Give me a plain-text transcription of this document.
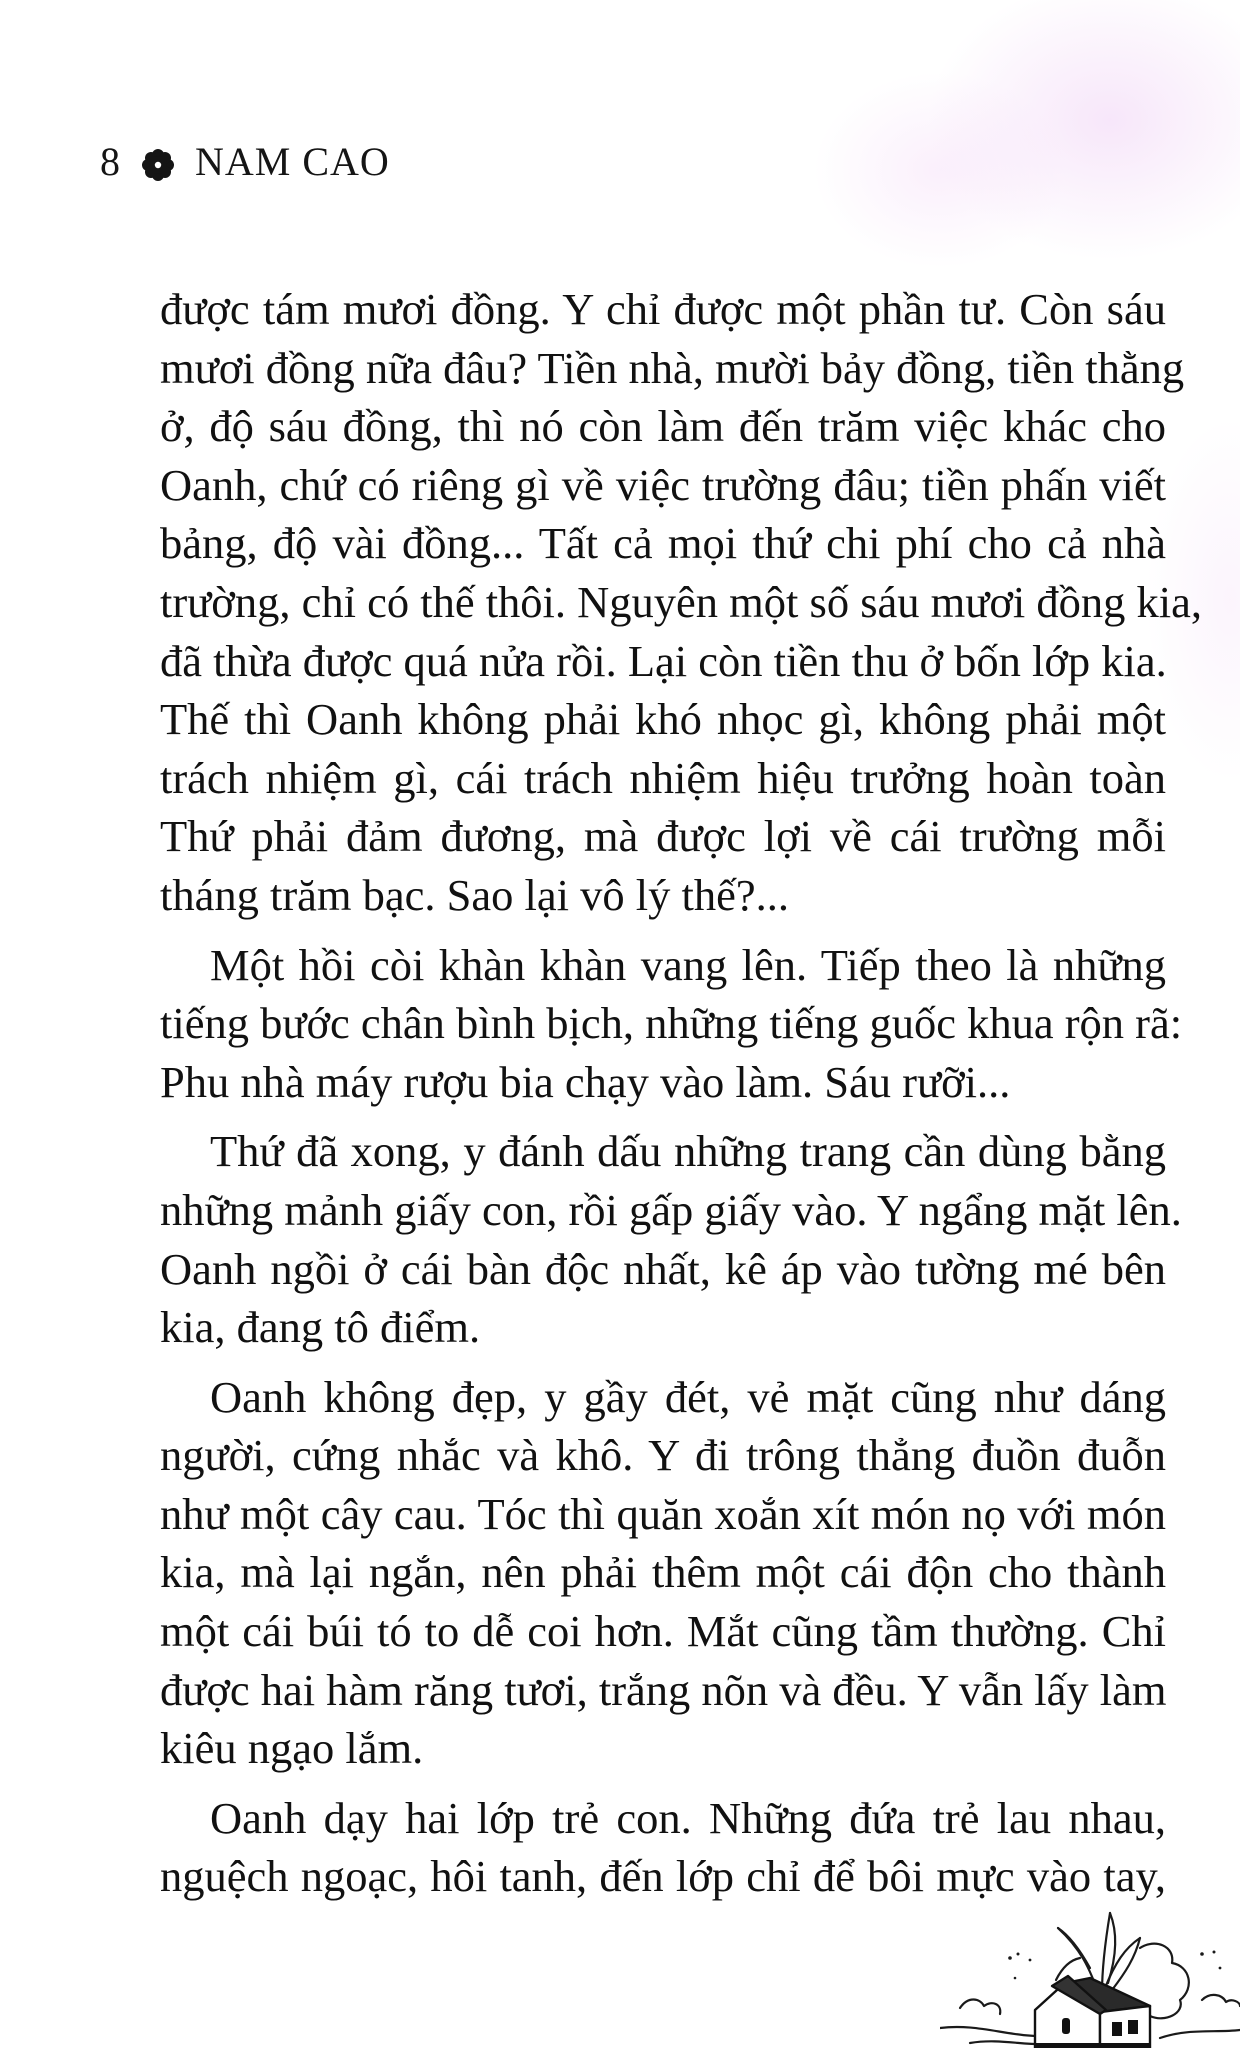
8 NAM CAO
được tám mươi đồng. Y chỉ được một phần tư. Còn sáu
mươi đồng nữa đâu? Tiền nhà, mười bảy đồng, tiền thằng
ở, độ sáu đồng, thì nó còn làm đến trăm việc khác cho
Oanh, chứ có riêng gì về việc trường đâu; tiền phấn viết
bảng, độ vài đồng... Tất cả mọi thứ chi phí cho cả nhà
trường, chỉ có thế thôi. Nguyên một số sáu mươi đồng kia,
đã thừa được quá nửa rồi. Lại còn tiền thu ở bốn lớp kia.
Thế thì Oanh không phải khó nhọc gì, không phải một
trách nhiệm gì, cái trách nhiệm hiệu trưởng hoàn toàn
Thứ phải đảm đương, mà được lợi về cái trường mỗi
tháng trăm bạc. Sao lại vô lý thế?...
Một hồi còi khàn khàn vang lên. Tiếp theo là những
tiếng bước chân bình bịch, những tiếng guốc khua rộn rã:
Phu nhà máy rượu bia chạy vào làm. Sáu rưỡi...
Thứ đã xong, y đánh dấu những trang cần dùng bằng
những mảnh giấy con, rồi gấp giấy vào. Y ngẩng mặt lên.
Oanh ngồi ở cái bàn độc nhất, kê áp vào tường mé bên
kia, đang tô điểm.
Oanh không đẹp, y gầy đét, vẻ mặt cũng như dáng
người, cứng nhắc và khô. Y đi trông thẳng đuồn đuỗn
như một cây cau. Tóc thì quăn xoắn xít món nọ với món
kia, mà lại ngắn, nên phải thêm một cái độn cho thành
một cái búi tó to dễ coi hơn. Mắt cũng tầm thường. Chỉ
được hai hàm răng tươi, trắng nõn và đều. Y vẫn lấy làm
kiêu ngạo lắm.
Oanh dạy hai lớp trẻ con. Những đứa trẻ lau nhau,
nguệch ngoạc, hôi tanh, đến lớp chỉ để bôi mực vào tay,
